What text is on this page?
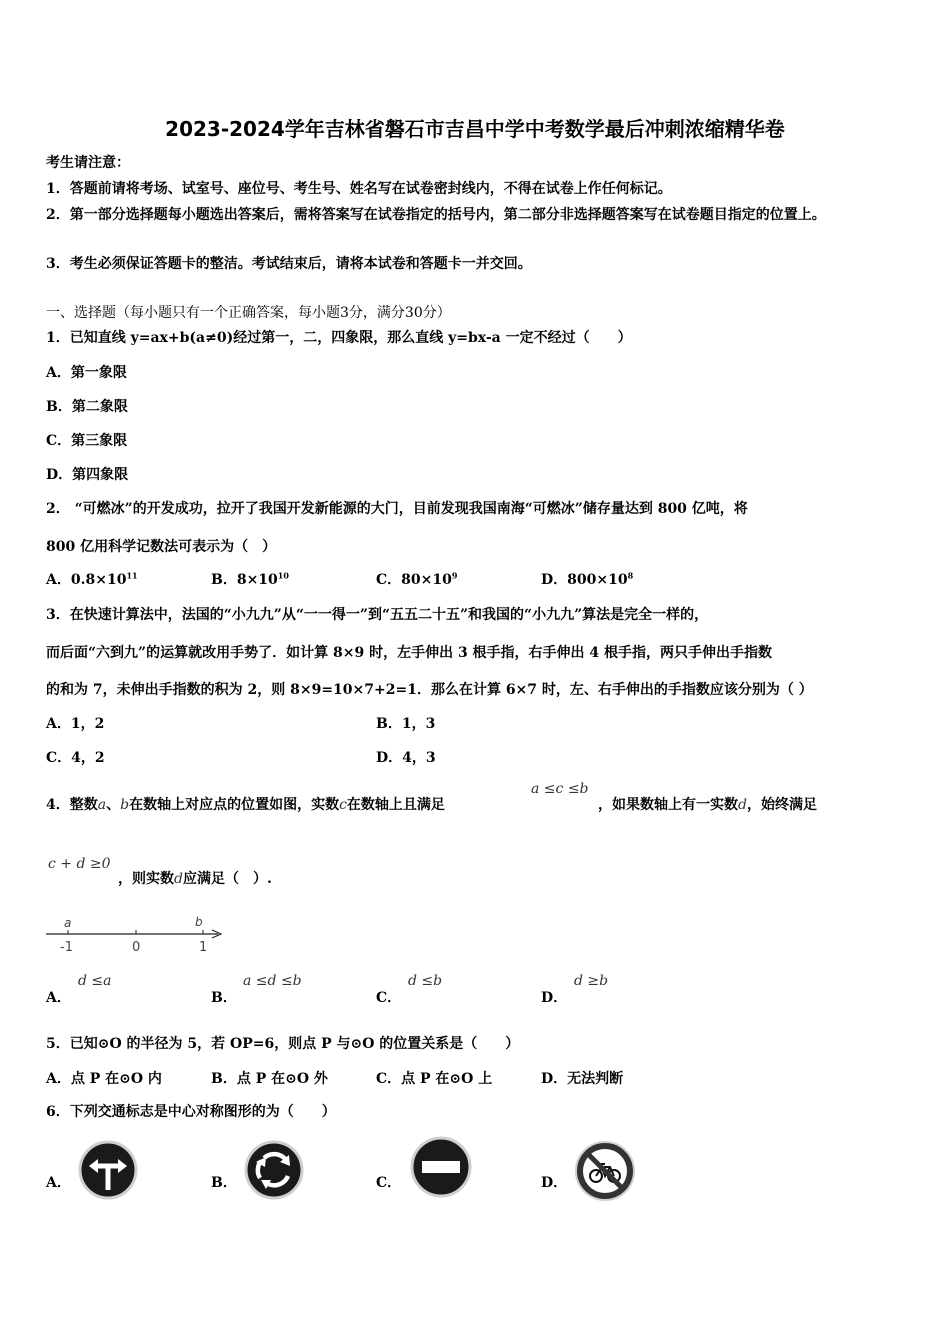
2023-2024学年吉林省磐石市吉昌中学中考数学最后冲刺浓缩精华卷
考生请注意：
1．答题前请将考场、试室号、座位号、考生号、姓名写在试卷密封线内，不得在试卷上作任何标记。
2．第一部分选择题每小题选出答案后，需将答案写在试卷指定的括号内，第二部分非选择题答案写在试卷题目指定的位置上。
3．考生必须保证答题卡的整洁。考试结束后，请将本试卷和答题卡一并交回。
一、选择题（每小题只有一个正确答案，每小题3分，满分30分）
1．已知直线 y=ax+b(a≠0)经过第一，二，四象限，那么直线 y=bx-a 一定不经过（　　）
A．第一象限
B．第二象限
C．第三象限
D．第四象限
2． “可燃冰”的开发成功，拉开了我国开发新能源的大门，目前发现我国南海“可燃冰”储存量达到 800 亿吨，将
800 亿用科学记数法可表示为（　）
A．$0.8\times 10^{11}$	B．$8\times 10^{10}$	C．$80\times 10^9$	D．$800\times 10^8$
3．在快速计算法中，法国的“小九九”从“一一得一”到“五五二十五”和我国的“小九九”算法是完全一样的，
而后面“六到九”的运算就改用手势了．如计算 8×9 时，左手伸出 3 根手指，右手伸出 4 根手指，两只手伸出手指数
的和为 7，未伸出手指数的积为 2，则 8×9=10×7+2=1．那么在计算 6×7 时，左、右手伸出的手指数应该分别为（ ）
A．1，2	B．1，3
C．4，2	D．4，3
4．整数a、b在数轴上对应点的位置如图，实数c在数轴上且满足
a ≤c ≤b
，如果数轴上有一实数d，始终满足
c + d ≥0
，则实数d应满足（　）.
a	b
-1	0	1
A．
d ≤a
B．
a ≤d ≤b
C．
d ≤b
D．
d ≥b
5．已知⊙O 的半径为 5，若 OP=6，则点 P 与⊙O 的位置关系是（　　）
A．点 P 在⊙O 内	B．点 P 在⊙O 外	C．点 P 在⊙O 上	D．无法判断
6．下列交通标志是中心对称图形的为（　　）
A．	B．	C．	D．
